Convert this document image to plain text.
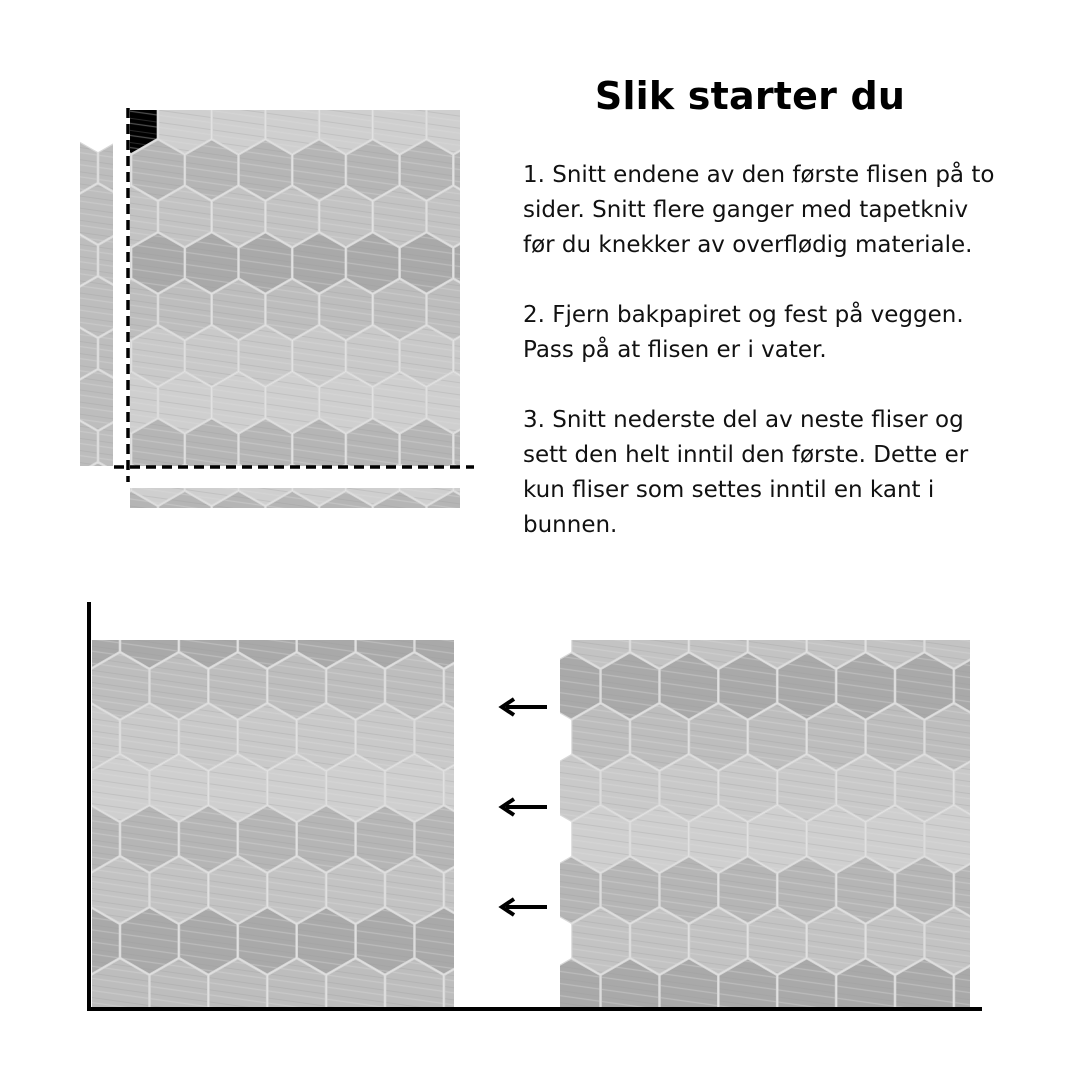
Slik starter du
1. Snitt endene av den første flisen på to
sider. Snitt flere ganger med tapetkniv
før du knekker av overflødig materiale.
2. Fjern bakpapiret og fest på veggen.
Pass på at flisen er i vater.
3. Snitt nederste del av neste fliser og
sett den helt inntil den første. Dette er
kun fliser som settes inntil en kant i
bunnen.
